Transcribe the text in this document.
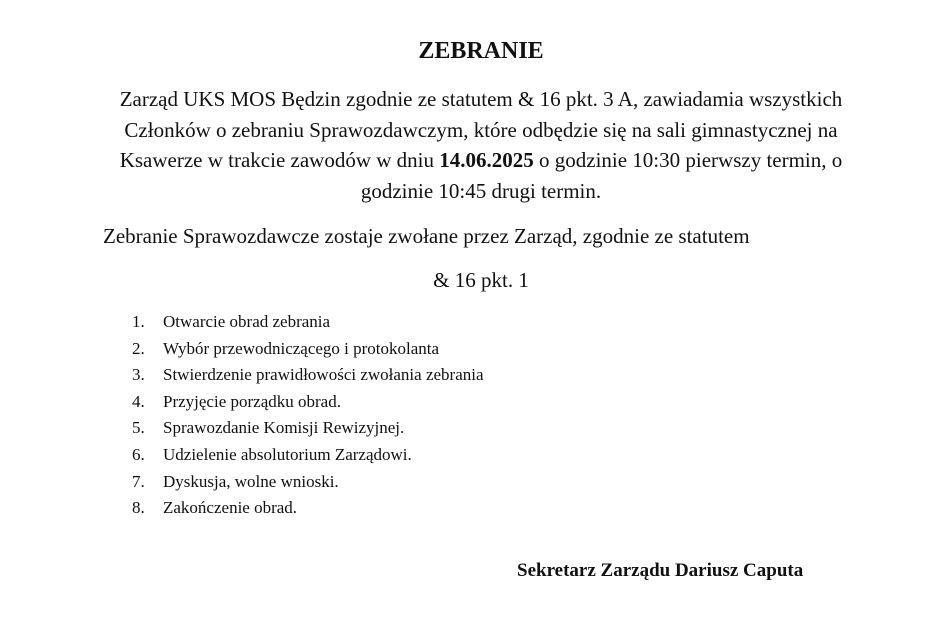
ZEBRANIE
Zarząd UKS MOS Będzin zgodnie ze statutem & 16 pkt. 3 A, zawiadamia wszystkich Członków o zebraniu Sprawozdawczym, które odbędzie się na sali gimnastycznej na Ksawerze w trakcie zawodów w dniu 14.06.2025 o godzinie 10:30 pierwszy termin, o godzinie 10:45 drugi termin.
Zebranie Sprawozdawcze zostaje zwołane przez Zarząd, zgodnie ze statutem
& 16 pkt. 1
1.	Otwarcie obrad zebrania
2.	Wybór przewodniczącego i protokolanta
3.	Stwierdzenie prawidłowości zwołania zebrania
4.	Przyjęcie porządku obrad.
5.	Sprawozdanie Komisji Rewizyjnej.
6.	Udzielenie absolutorium Zarządowi.
7.	Dyskusja, wolne wnioski.
8.	Zakończenie obrad.
Sekretarz Zarządu Dariusz Caputa
